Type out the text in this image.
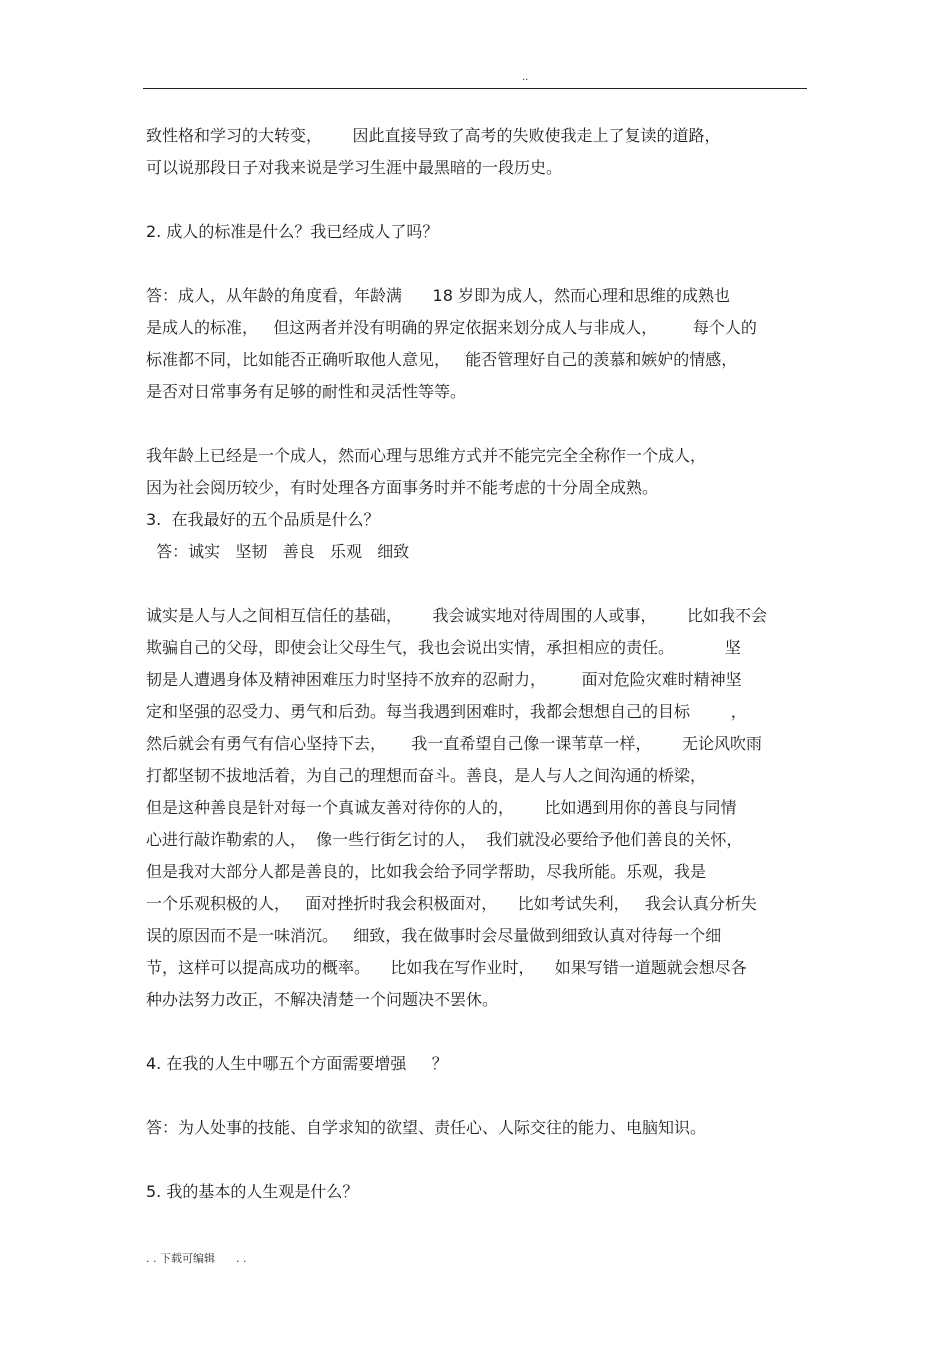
..
致性格和学习的大转变，      因此直接导致了高考的失败使我走上了复读的道路，
可以说那段日子对我来说是学习生涯中最黑暗的一段历史。
2. 成人的标准是什么？我已经成人了吗？
答：成人，从年龄的角度看，年龄满      18 岁即为成人，然而心理和思维的成熟也
是成人的标准，   但这两者并没有明确的界定依据来划分成人与非成人，       每个人的
标准都不同，比如能否正确听取他人意见，   能否管理好自己的羡慕和嫉妒的情感，
是否对日常事务有足够的耐性和灵活性等等。
我年龄上已经是一个成人，然而心理与思维方式并不能完完全全称作一个成人，
因为社会阅历较少，有时处理各方面事务时并不能考虑的十分周全成熟。
3.  在我最好的五个品质是什么？
答：诚实   坚韧   善良   乐观   细致
诚实是人与人之间相互信任的基础，      我会诚实地对待周围的人或事，      比如我不会
欺骗自己的父母，即使会让父母生气，我也会说出实情，承担相应的责任。          坚
韧是人遭遇身体及精神困难压力时坚持不放弃的忍耐力，       面对危险灾难时精神坚
定和坚强的忍受力、勇气和后劲。每当我遇到困难时，我都会想想自己的目标        ，
然后就会有勇气有信心坚持下去，     我一直希望自己像一课苇草一样，      无论风吹雨
打都坚韧不拔地活着，为自己的理想而奋斗。善良，是人与人之间沟通的桥梁，
但是这种善良是针对每一个真诚友善对待你的人的，      比如遇到用你的善良与同情
心进行敲诈勒索的人，  像一些行街乞讨的人，  我们就没必要给予他们善良的关怀，
但是我对大部分人都是善良的，比如我会给予同学帮助，尽我所能。乐观，我是
一个乐观积极的人，   面对挫折时我会积极面对，    比如考试失利，   我会认真分析失
误的原因而不是一味消沉。   细致，我在做事时会尽量做到细致认真对待每一个细
节，这样可以提高成功的概率。    比如我在写作业时，    如果写错一道题就会想尽各
种办法努力改正，不解决清楚一个问题决不罢休。
4. 在我的人生中哪五个方面需要增强     ？
答：为人处事的技能、自学求知的欲望、责任心、人际交往的能力、电脑知识。
5. 我的基本的人生观是什么？
. . 下载可编辑      . .
